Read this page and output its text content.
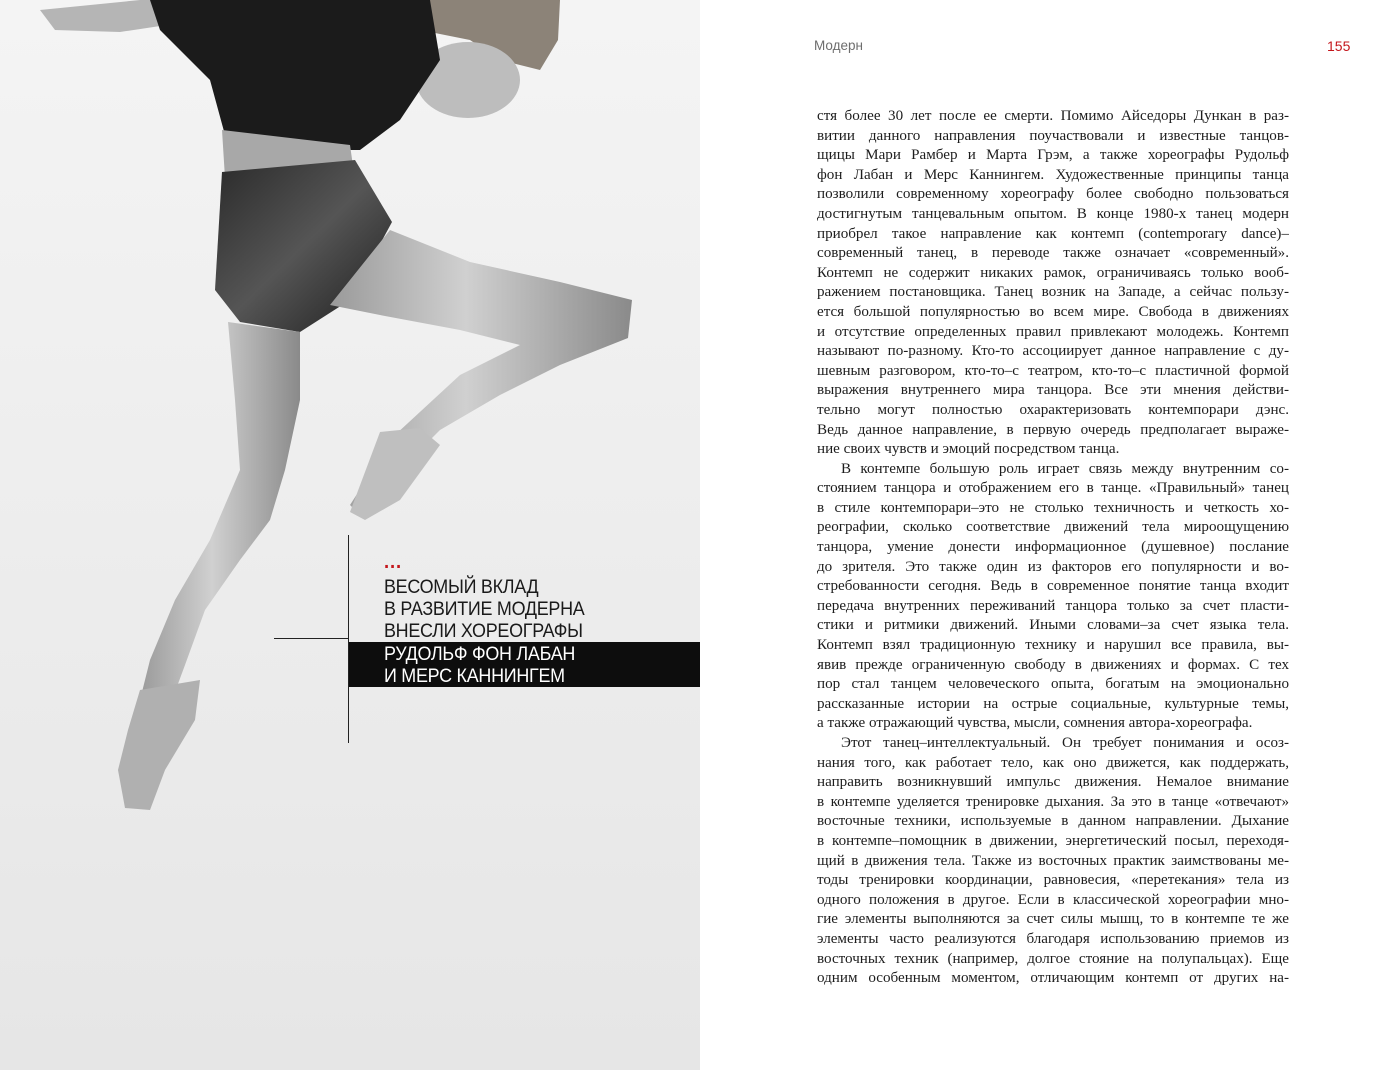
...
ВЕСОМЫЙ ВКЛАД
В РАЗВИТИЕ МОДЕРНА
ВНЕСЛИ ХОРЕОГРАФЫ
РУДОЛЬФ ФОН ЛАБАН
И МЕРС КАННИНГЕМ
Модерн	155
стя более 30 лет после ее смерти. Помимо Айседоры Дункан в раз-
витии данного направления поучаствовали и известные танцов-
щицы Мари Рамбер и Марта Грэм, а также хореографы Рудольф
фон Лабан и Мерс Каннингем. Художественные принципы танца
позволили современному хореографу более свободно пользоваться
достигнутым танцевальным опытом. В конце 1980-х танец модерн
приобрел такое направление как контемп (contemporary dance)–
современный танец, в переводе также означает «современный».
Контемп не содержит никаких рамок, ограничиваясь только вооб-
ражением постановщика. Танец возник на Западе, а сейчас пользу-
ется большой популярностью во всем мире. Свобода в движениях
и отсутствие определенных правил привлекают молодежь. Контемп
называют по-разному. Кто-то ассоциирует данное направление с ду-
шевным разговором, кто-то–с театром, кто-то–с пластичной формой
выражения внутреннего мира танцора. Все эти мнения действи-
тельно могут полностью охарактеризовать контемпорари дэнс.
Ведь данное направление, в первую очередь предполагает выраже-
ние своих чувств и эмоций посредством танца.
В контемпе большую роль играет связь между внутренним со-
стоянием танцора и отображением его в танце. «Правильный» танец
в стиле контемпорари–это не столько техничность и четкость хо-
реографии, сколько соответствие движений тела мироощущению
танцора, умение донести информационное (душевное) послание
до зрителя. Это также один из факторов его популярности и во-
стребованности сегодня. Ведь в современное понятие танца входит
передача внутренних переживаний танцора только за счет пласти-
стики и ритмики движений. Иными словами–за счет языка тела.
Контемп взял традиционную технику и нарушил все правила, вы-
явив прежде ограниченную свободу в движениях и формах. С тех
пор стал танцем человеческого опыта, богатым на эмоционально
рассказанные истории на острые социальные, культурные темы,
а также отражающий чувства, мысли, сомнения автора-хореографа.
Этот танец–интеллектуальный. Он требует понимания и осоз-
нания того, как работает тело, как оно движется, как поддержать,
направить возникнувший импульс движения. Немалое внимание
в контемпе уделяется тренировке дыхания. За это в танце «отвечают»
восточные техники, используемые в данном направлении. Дыхание
в контемпе–помощник в движении, энергетический посыл, переходя-
щий в движения тела. Также из восточных практик заимствованы ме-
тоды тренировки координации, равновесия, «перетекания» тела из
одного положения в другое. Если в классической хореографии мно-
гие элементы выполняются за счет силы мышц, то в контемпе те же
элементы часто реализуются благодаря использованию приемов из
восточных техник (например, долгое стояние на полупальцах). Еще
одним особенным моментом, отличающим контемп от других на-
